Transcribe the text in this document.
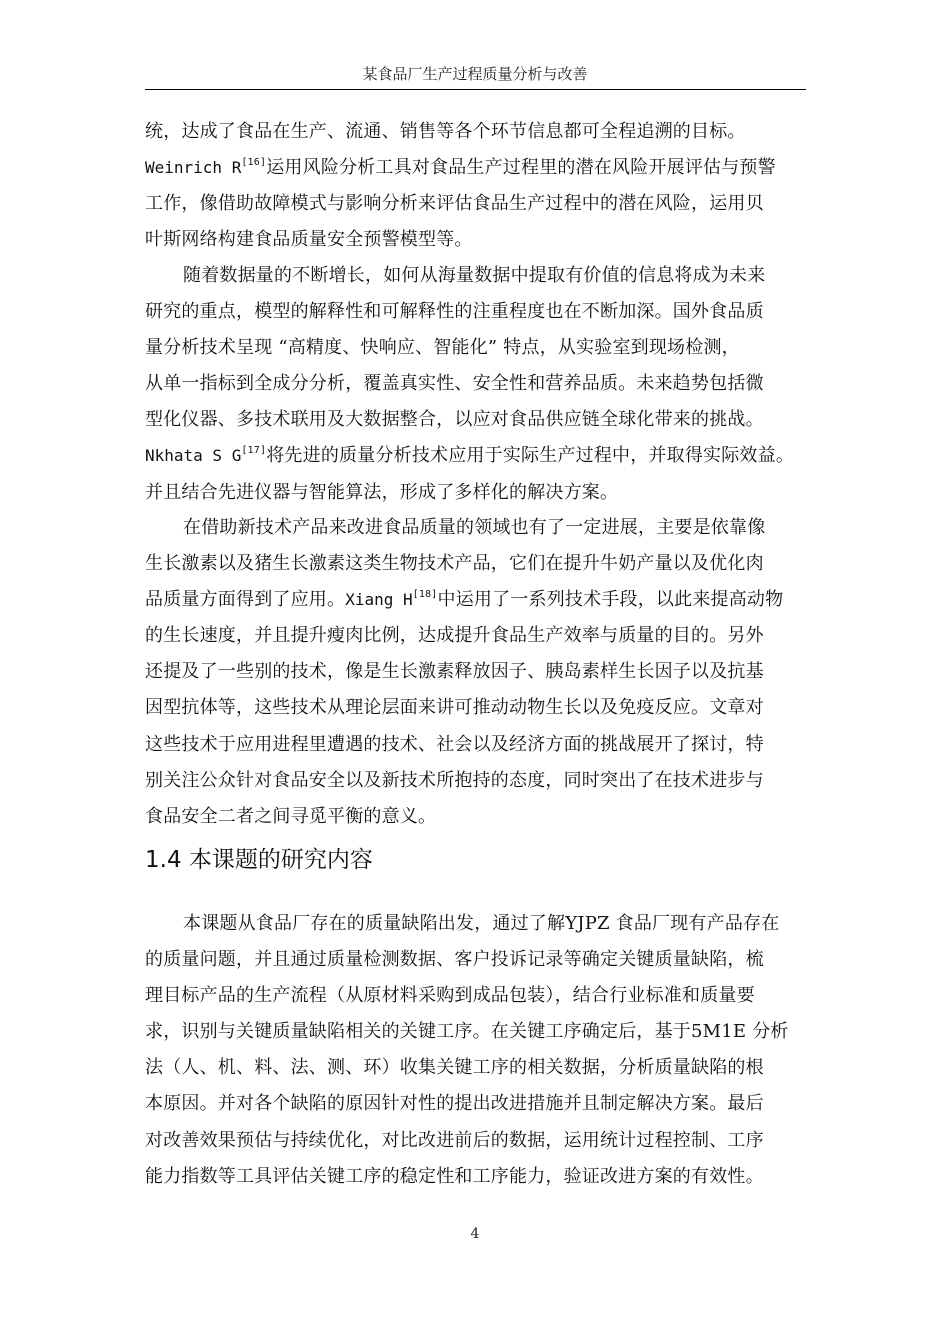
某食品厂生产过程质量分析与改善
统，达成了食品在生产、流通、销售等各个环节信息都可全程追溯的目标。
Weinrich R[16]运用风险分析工具对食品生产过程里的潜在风险开展评估与预警
工作，像借助故障模式与影响分析来评估食品生产过程中的潜在风险，运用贝
叶斯网络构建食品质量安全预警模型等。
随着数据量的不断增长，如何从海量数据中提取有价值的信息将成为未来
研究的重点，模型的解释性和可解释性的注重程度也在不断加深。国外食品质
量分析技术呈现 “高精度、快响应、智能化” 特点，从实验室到现场检测，
从单一指标到全成分分析，覆盖真实性、安全性和营养品质。未来趋势包括微
型化仪器、多技术联用及大数据整合，以应对食品供应链全球化带来的挑战。
Nkhata S G[17]将先进的质量分析技术应用于实际生产过程中，并取得实际效益。
并且结合先进仪器与智能算法，形成了多样化的解决方案。
在借助新技术产品来改进食品质量的领域也有了一定进展，主要是依靠像
生长激素以及猪生长激素这类生物技术产品，它们在提升牛奶产量以及优化肉
品质量方面得到了应用。Xiang H[18]中运用了一系列技术手段，以此来提高动物
的生长速度，并且提升瘦肉比例，达成提升食品生产效率与质量的目的。另外
还提及了一些别的技术，像是生长激素释放因子、胰岛素样生长因子以及抗基
因型抗体等，这些技术从理论层面来讲可推动动物生长以及免疫反应。文章对
这些技术于应用进程里遭遇的技术、社会以及经济方面的挑战展开了探讨，特
别关注公众针对食品安全以及新技术所抱持的态度，同时突出了在技术进步与
食品安全二者之间寻觅平衡的意义。
1.4 本课题的研究内容
本课题从食品厂存在的质量缺陷出发，通过了解YJPZ 食品厂现有产品存在
的质量问题，并且通过质量检测数据、客户投诉记录等确定关键质量缺陷，梳
理目标产品的生产流程（从原材料采购到成品包装），结合行业标准和质量要
求，识别与关键质量缺陷相关的关键工序。在关键工序确定后，基于5M1E 分析
法（人、机、料、法、测、环）收集关键工序的相关数据，分析质量缺陷的根
本原因。并对各个缺陷的原因针对性的提出改进措施并且制定解决方案。最后
对改善效果预估与持续优化，对比改进前后的数据，运用统计过程控制、工序
能力指数等工具评估关键工序的稳定性和工序能力，验证改进方案的有效性。
4
